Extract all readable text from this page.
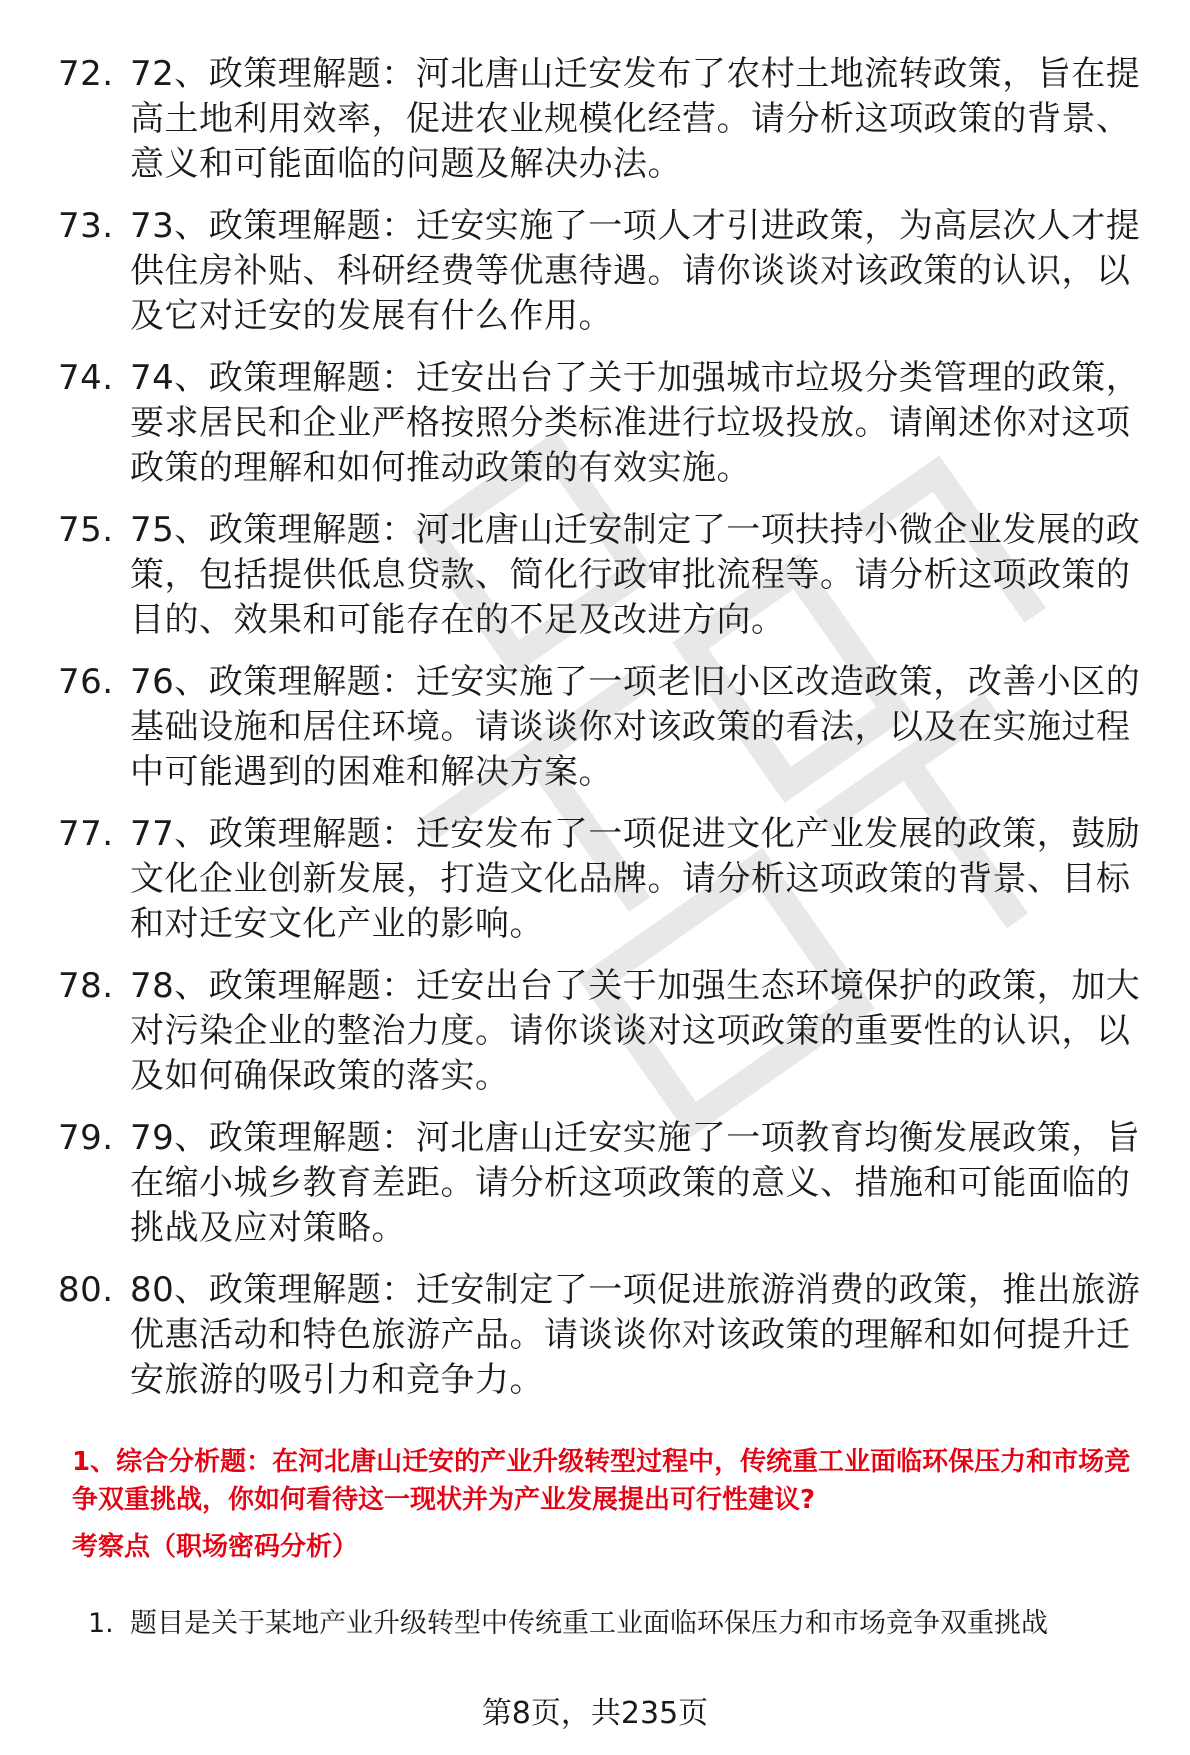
72. 72、政策理解题：河北唐山迁安发布了农村土地流转政策，旨在提高土地利用效率，促进农业规模化经营。请分析这项政策的背景、意义和可能面临的问题及解决办法。
73. 73、政策理解题：迁安实施了一项人才引进政策，为高层次人才提供住房补贴、科研经费等优惠待遇。请你谈谈对该政策的认识，以及它对迁安的发展有什么作用。
74. 74、政策理解题：迁安出台了关于加强城市垃圾分类管理的政策，要求居民和企业严格按照分类标准进行垃圾投放。请阐述你对这项政策的理解和如何推动政策的有效实施。
75. 75、政策理解题：河北唐山迁安制定了一项扶持小微企业发展的政策，包括提供低息贷款、简化行政审批流程等。请分析这项政策的目的、效果和可能存在的不足及改进方向。
76. 76、政策理解题：迁安实施了一项老旧小区改造政策，改善小区的基础设施和居住环境。请谈谈你对该政策的看法，以及在实施过程中可能遇到的困难和解决方案。
77. 77、政策理解题：迁安发布了一项促进文化产业发展的政策，鼓励文化企业创新发展，打造文化品牌。请分析这项政策的背景、目标和对迁安文化产业的影响。
78. 78、政策理解题：迁安出台了关于加强生态环境保护的政策，加大对污染企业的整治力度。请你谈谈对这项政策的重要性的认识，以及如何确保政策的落实。
79. 79、政策理解题：河北唐山迁安实施了一项教育均衡发展政策，旨在缩小城乡教育差距。请分析这项政策的意义、措施和可能面临的挑战及应对策略。
80. 80、政策理解题：迁安制定了一项促进旅游消费的政策，推出旅游优惠活动和特色旅游产品。请谈谈你对该政策的理解和如何提升迁安旅游的吸引力和竞争力。

1、综合分析题：在河北唐山迁安的产业升级转型过程中，传统重工业面临环保压力和市场竞争双重挑战，你如何看待这一现状并为产业发展提出可行性建议?

考察点（职场密码分析）

1. 题目是关于某地产业升级转型中传统重工业面临环保压力和市场竞争双重挑战
第8页，共235页
